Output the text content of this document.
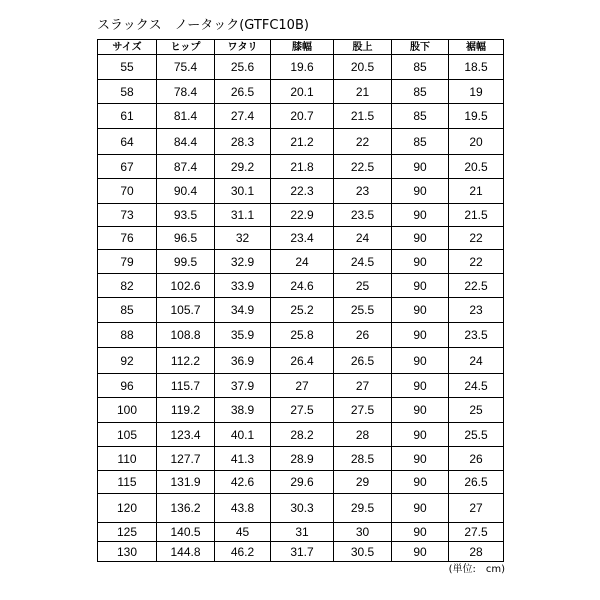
スラックス　ノータック(GTFC10B)
サイズ	ヒップ	ワタリ	膝幅	股上	股下	裾幅
55	75.4	25.6	19.6	20.5	85	18.5
58	78.4	26.5	20.1	21	85	19
61	81.4	27.4	20.7	21.5	85	19.5
64	84.4	28.3	21.2	22	85	20
67	87.4	29.2	21.8	22.5	90	20.5
70	90.4	30.1	22.3	23	90	21
73	93.5	31.1	22.9	23.5	90	21.5
76	96.5	32	23.4	24	90	22
79	99.5	32.9	24	24.5	90	22
82	102.6	33.9	24.6	25	90	22.5
85	105.7	34.9	25.2	25.5	90	23
88	108.8	35.9	25.8	26	90	23.5
92	112.2	36.9	26.4	26.5	90	24
96	115.7	37.9	27	27	90	24.5
100	119.2	38.9	27.5	27.5	90	25
105	123.4	40.1	28.2	28	90	25.5
110	127.7	41.3	28.9	28.5	90	26
115	131.9	42.6	29.6	29	90	26.5
120	136.2	43.8	30.3	29.5	90	27
125	140.5	45	31	30	90	27.5
130	144.8	46.2	31.7	30.5	90	28
(単位:　cm)
